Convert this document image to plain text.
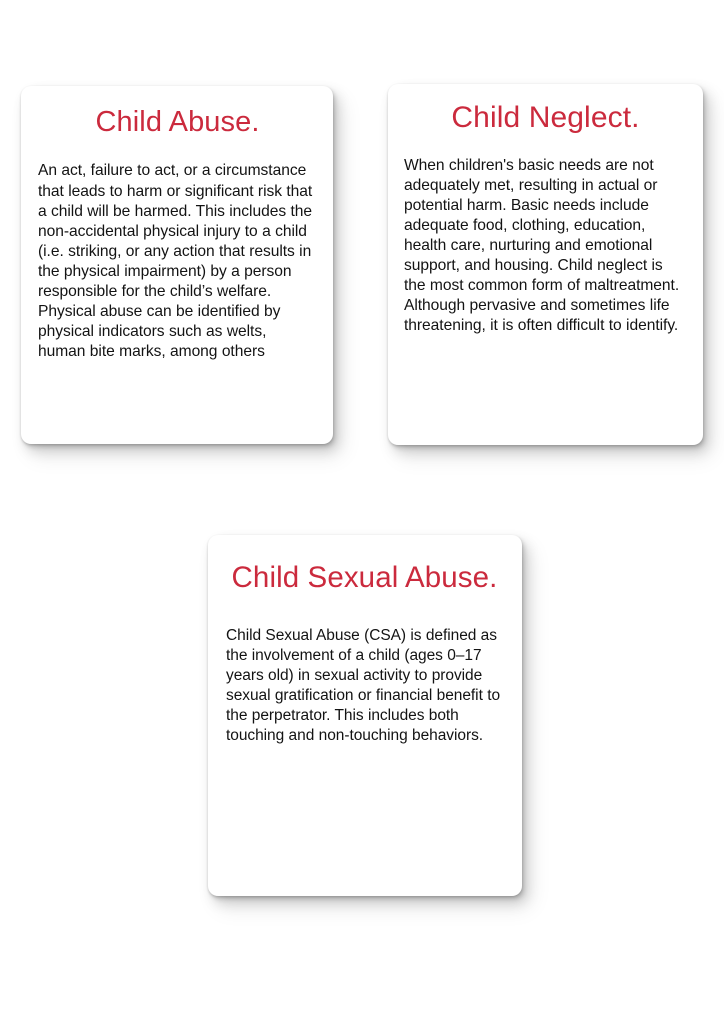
Child Abuse.

An act, failure to act, or a circumstance that leads to harm or significant risk that a child will be harmed. This includes the non-accidental physical injury to a child (i.e. striking, or any action that results in the physical impairment) by a person responsible for the child’s welfare. Physical abuse can be identified by physical indicators such as welts, human bite marks, among others

Child Neglect.

When children's basic needs are not adequately met, resulting in actual or potential harm. Basic needs include adequate food, clothing, education, health care, nurturing and emotional support, and housing. Child neglect is the most common form of maltreatment. Although pervasive and sometimes life threatening, it is often difficult to identify.

Child Sexual Abuse.

Child Sexual Abuse (CSA) is defined as the involvement of a child (ages 0–17 years old) in sexual activity to provide sexual gratification or financial benefit to the perpetrator. This includes both touching and non-touching behaviors.
